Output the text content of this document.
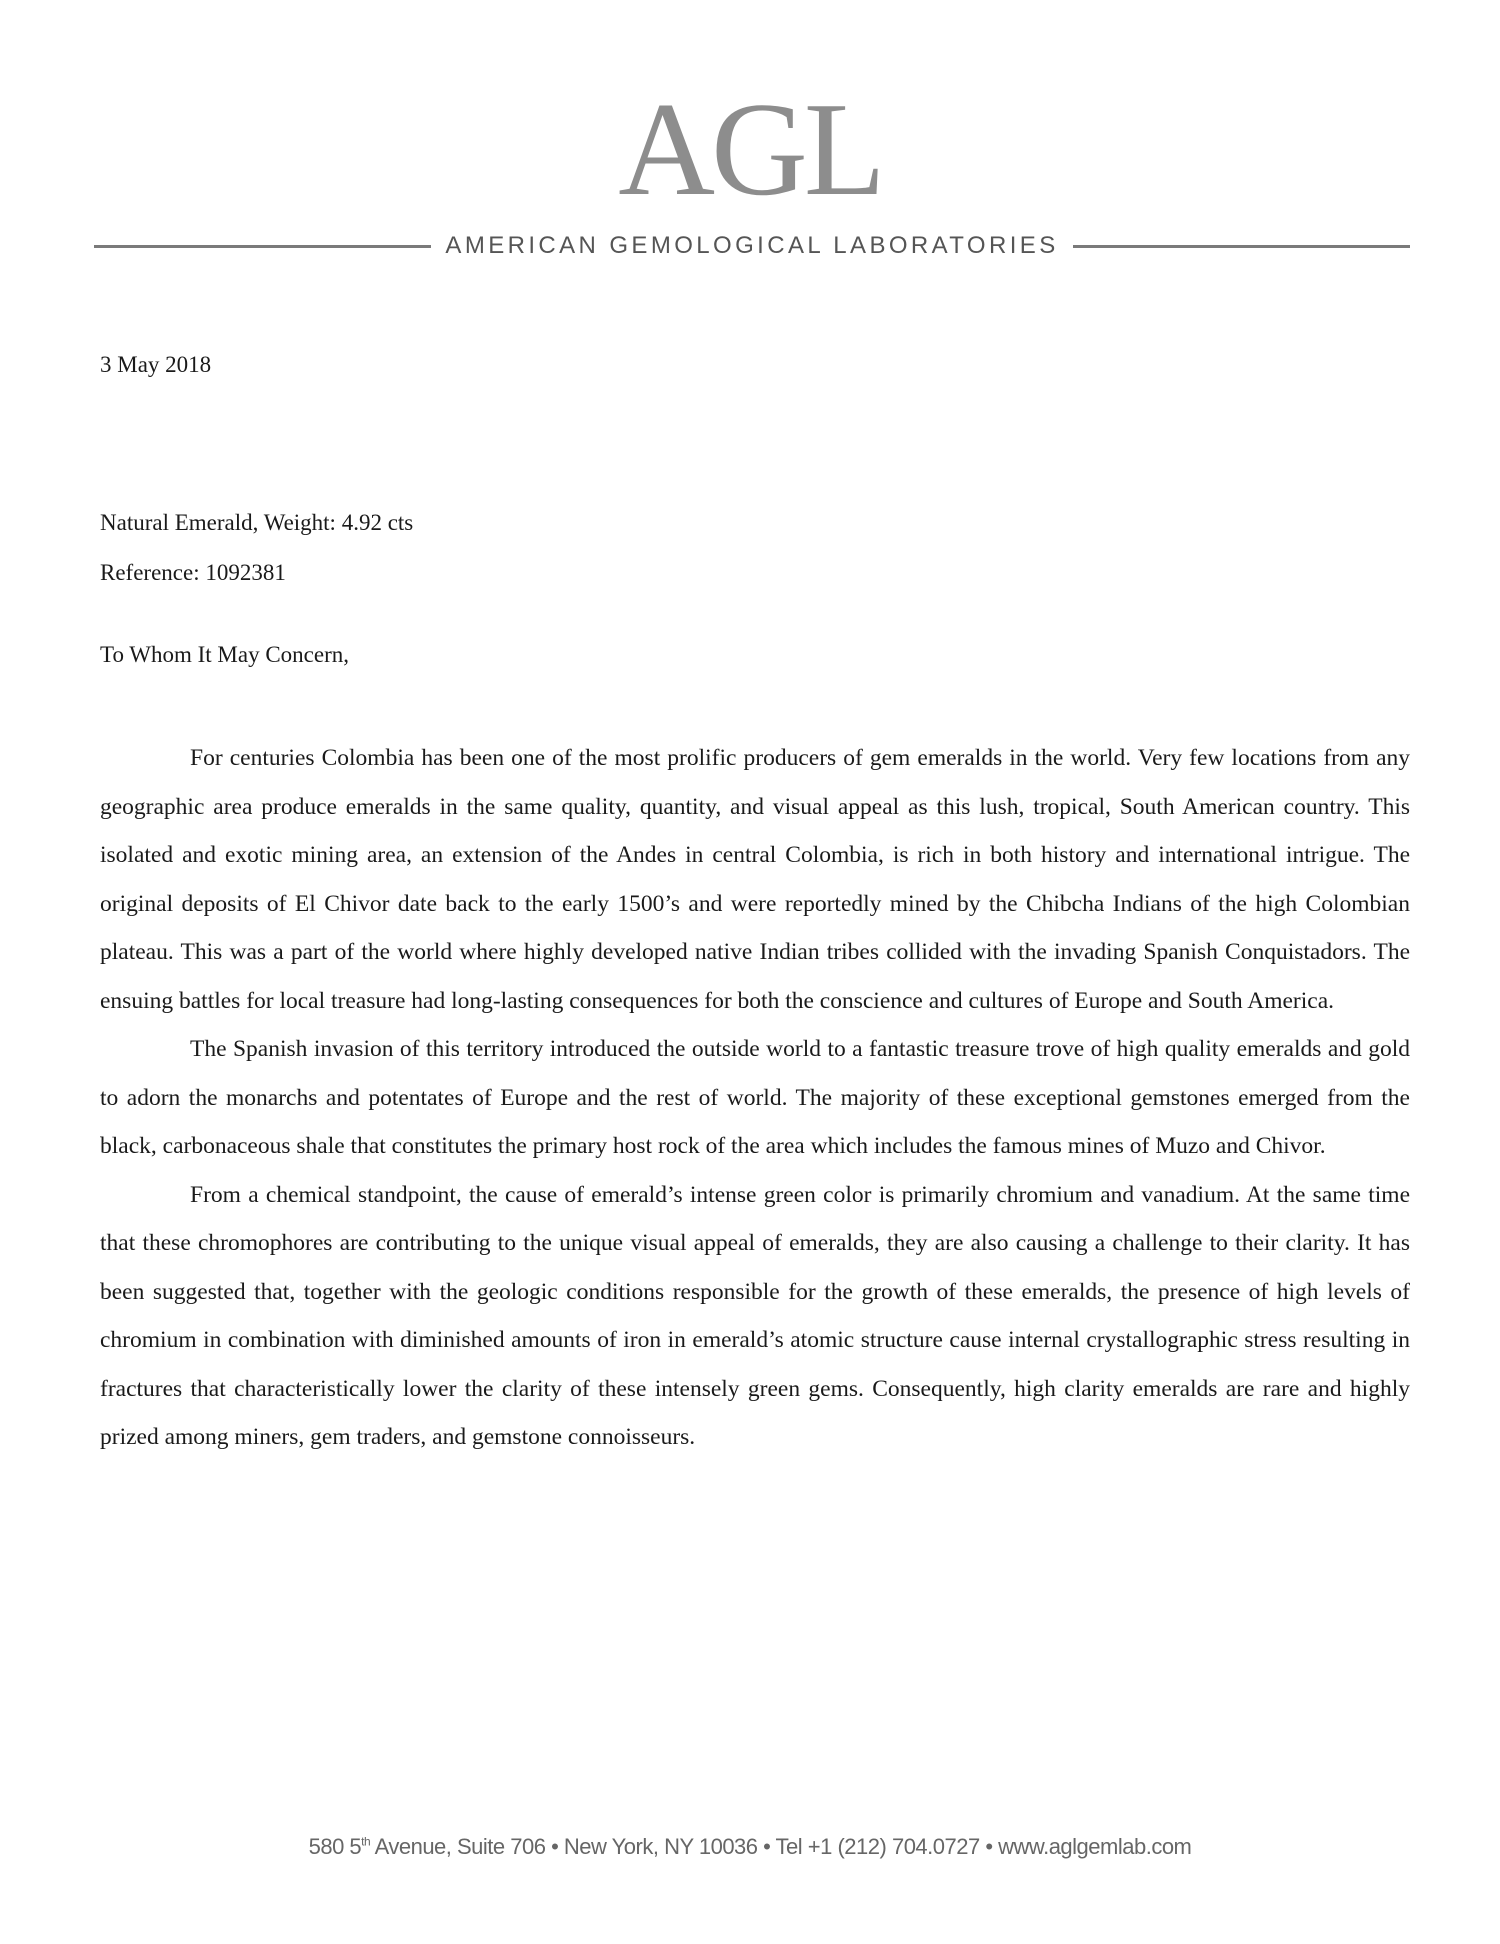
AGL
AMERICAN GEMOLOGICAL LABORATORIES
3 May 2018
Natural Emerald, Weight: 4.92 cts
Reference: 1092381
To Whom It May Concern,

For centuries Colombia has been one of the most prolific producers of gem emeralds in the world. Very few locations from any geographic area produce emeralds in the same quality, quantity, and visual appeal as this lush, tropical, South American country. This isolated and exotic mining area, an extension of the Andes in central Colombia, is rich in both history and international intrigue. The original deposits of El Chivor date back to the early 1500’s and were reportedly mined by the Chibcha Indians of the high Colombian plateau. This was a part of the world where highly developed native Indian tribes collided with the invading Spanish Conquistadors. The ensuing battles for local treasure had long-lasting consequences for both the conscience and cultures of Europe and South America.

The Spanish invasion of this territory introduced the outside world to a fantastic treasure trove of high quality emeralds and gold to adorn the monarchs and potentates of Europe and the rest of world. The majority of these exceptional gemstones emerged from the black, carbonaceous shale that constitutes the primary host rock of the area which includes the famous mines of Muzo and Chivor.

From a chemical standpoint, the cause of emerald’s intense green color is primarily chromium and vanadium. At the same time that these chromophores are contributing to the unique visual appeal of emeralds, they are also causing a challenge to their clarity. It has been suggested that, together with the geologic conditions responsible for the growth of these emeralds, the presence of high levels of chromium in combination with diminished amounts of iron in emerald’s atomic structure cause internal crystallographic stress resulting in fractures that characteristically lower the clarity of these intensely green gems. Consequently, high clarity emeralds are rare and highly prized among miners, gem traders, and gemstone connoisseurs.

580 5th Avenue, Suite 706 • New York, NY 10036 • Tel +1 (212) 704.0727 • www.aglgemlab.com
